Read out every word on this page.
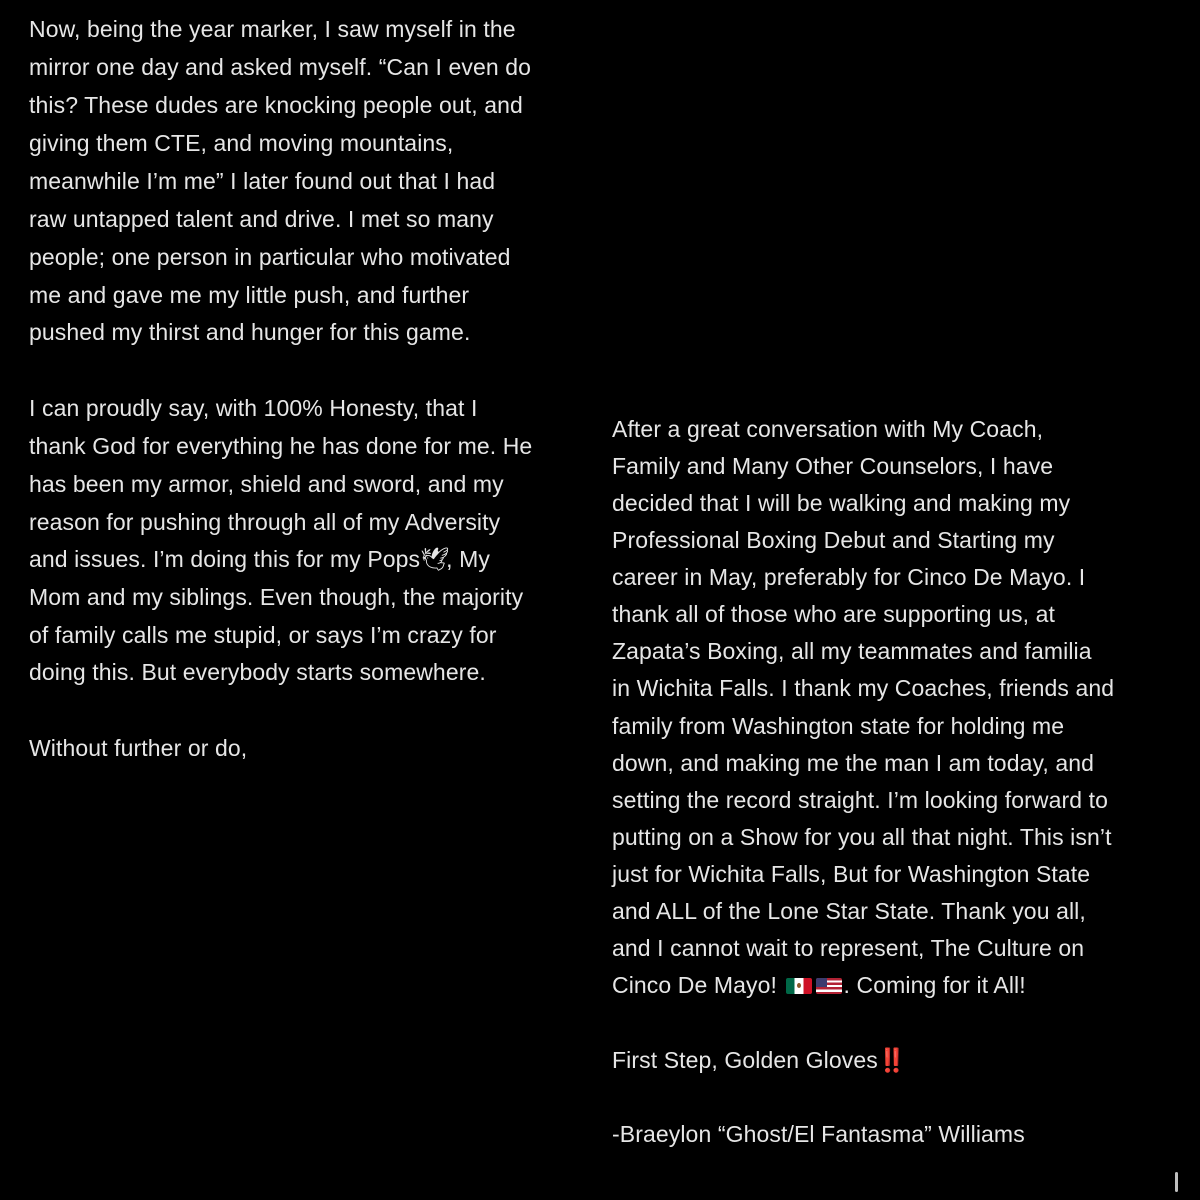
Now, being the year marker, I saw myself in the
mirror one day and asked myself. “Can I even do
this? These dudes are knocking people out, and
giving them CTE, and moving mountains,
meanwhile I’m me” I later found out that I had
raw untapped talent and drive. I met so many
people; one person in particular who motivated
me and gave me my little push, and further
pushed my thirst and hunger for this game.
I can proudly say, with 100% Honesty, that I
thank God for everything he has done for me. He
has been my armor, shield and sword, and my
reason for pushing through all of my Adversity
and issues. I’m doing this for my Pops🕊, My
Mom and my siblings. Even though, the majority
of family calls me stupid, or says I’m crazy for
doing this. But everybody starts somewhere.
Without further or do,
After a great conversation with My Coach,
Family and Many Other Counselors, I have
decided that I will be walking and making my
Professional Boxing Debut and Starting my
career in May, preferably for Cinco De Mayo. I
thank all of those who are supporting us, at
Zapata’s Boxing, all my teammates and familia
in Wichita Falls. I thank my Coaches, friends and
family from Washington state for holding me
down, and making me the man I am today, and
setting the record straight. I’m looking forward to
putting on a Show for you all that night. This isn’t
just for Wichita Falls, But for Washington State
and ALL of the Lone Star State. Thank you all,
and I cannot wait to represent, The Culture on
Cinco De Mayo!	. Coming for it All!
First Step, Golden Gloves‼️
-Braeylon “Ghost/El Fantasma” Williams
